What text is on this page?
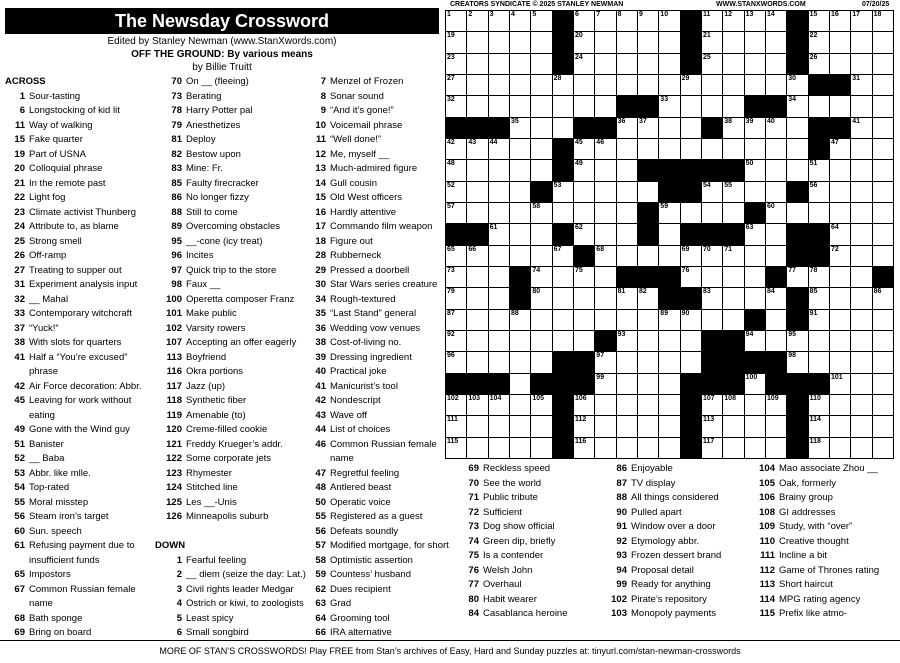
The Newsday Crossword
Edited by Stanley Newman (www.StanXwords.com)
OFF THE GROUND: By various means
by Billie Truitt
CREATORS SYNDICATE © 2025 STANLEY NEWMAN	WWW.STANXWORDS.COM	07/20/25
1 2 3 4 5	6 7 8 9 10	11 12 13 14	15 16 17 18
19	20	21	22
23	24	25	26
27	28	29	30	31
32	33	34
35	36 37	38 39 40	41
42 43 44	45 46	47
48	49	50	51
52	53	54 55	56
57	58	59	60
61	62	63	64
65 66	67	68	69 70 71	72
73	74	75	76	77 78
79	80	81 82	83	84	85	86
87	88	89 90	91
92	93	94	95
96	97	98
99	100	101
102 103 104	105	106	107 108	109	110
111	112	113	114
115	116	117	118
ACROSS
1 Sour-tasting
6 Longstocking of kid lit
11 Way of walking
15 Fake quarter
19 Part of USNA
20 Colloquial phrase
21 In the remote past
22 Light fog
23 Climate activist Thunberg
24 Attribute to, as blame
25 Strong smell
26 Off-ramp
27 Treating to supper out
31 Experiment analysis input
32 __ Mahal
33 Contemporary witchcraft
37 “Yuck!”
38 With slots for quarters
41 Half a “You’re excused”
phrase
42 Air Force decoration: Abbr.
45 Leaving for work without
eating
49 Gone with the Wind guy
51 Banister
52 __ Baba
53 Abbr. like mlle.
54 Top-rated
55 Moral misstep
56 Steam iron’s target
60 Sun. speech
61 Refusing payment due to
insufficient funds
65 Impostors
67 Common Russian female
name
68 Bath sponge
69 Bring on board
70 On __ (fleeing)
73 Berating
78 Harry Potter pal
79 Anesthetizes
81 Deploy
82 Bestow upon
83 Mine: Fr.
85 Faulty firecracker
86 No longer fizzy
88 Still to come
89 Overcoming obstacles
95 __-cone (icy treat)
96 Incites
97 Quick trip to the store
98 Faux __
100 Operetta composer Franz
101 Make public
102 Varsity rowers
107 Accepting an offer eagerly
113 Boyfriend
116 Okra portions
117 Jazz (up)
118 Synthetic fiber
119 Amenable (to)
120 Creme-filled cookie
121 Freddy Krueger’s addr.
122 Some corporate jets
123 Rhymester
124 Stitched line
125 Les __-Unis
126 Minneapolis suburb
DOWN
1 Fearful feeling
2 __ diem (seize the day: Lat.)
3 Civil rights leader Medgar
4 Ostrich or kiwi, to zoologists
5 Least spicy
6 Small songbird
7 Menzel of Frozen
8 Sonar sound
9 “And it’s gone!”
10 Voicemail phrase
11 “Well done!”
12 Me, myself __
13 Much-admired figure
14 Gull cousin
15 Old West officers
16 Hardly attentive
17 Commando film weapon
18 Figure out
28 Rubberneck
29 Pressed a doorbell
30 Star Wars series creature
34 Rough-textured
35 “Last Stand” general
36 Wedding vow venues
38 Cost-of-living no.
39 Dressing ingredient
40 Practical joke
41 Manicurist’s tool
42 Nondescript
43 Wave off
44 List of choices
46 Common Russian female
name
47 Regretful feeling
48 Antlered beast
50 Operatic voice
55 Registered as a guest
56 Defeats soundly
57 Modified mortgage, for short
58 Optimistic assertion
59 Countess’ husband
62 Dues recipient
63 Grad
64 Grooming tool
66 IRA alternative
69 Reckless speed
70 See the world
71 Public tribute
72 Sufficient
73 Dog show official
74 Green dip, briefly
75 Is a contender
76 Welsh John
77 Overhaul
80 Habit wearer
84 Casablanca heroine
86 Enjoyable
87 TV display
88 All things considered
90 Pulled apart
91 Window over a door
92 Etymology abbr.
93 Frozen dessert brand
94 Proposal detail
99 Ready for anything
102 Pirate’s repository
103 Monopoly payments
104 Mao associate Zhou __
105 Oak, formerly
106 Brainy group
108 GI addresses
109 Study, with “over”
110 Creative thought
111 Incline a bit
112 Game of Thrones rating
113 Short haircut
114 MPG rating agency
115 Prefix like atmo-
MORE OF STAN’S CROSSWORDS! Play FREE from Stan’s archives of Easy, Hard and Sunday puzzles at: tinyurl.com/stan-newman-crosswords
